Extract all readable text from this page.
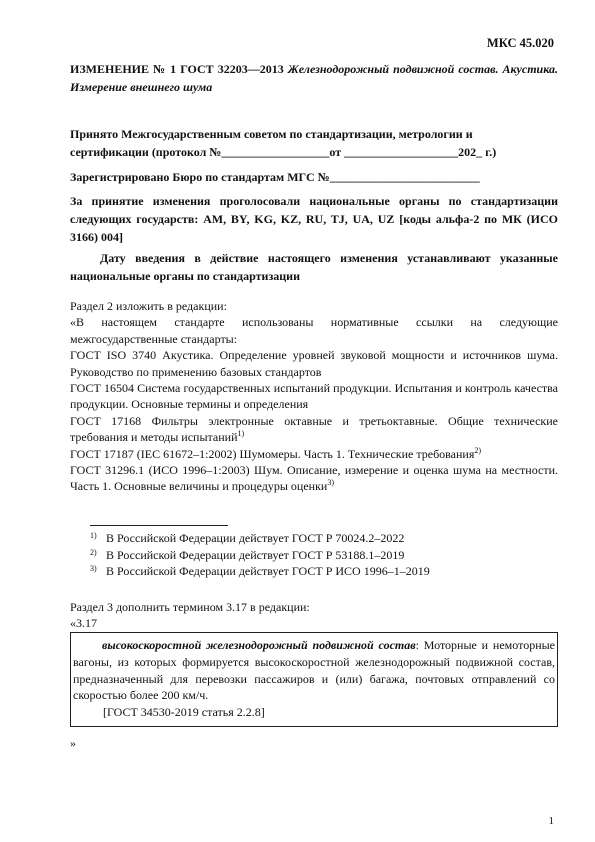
МКС 45.020

ИЗМЕНЕНИЕ № 1 ГОСТ 32203—2013 Железнодорожный подвижной состав. Акустика. Измерение внешнего шума

Принято Межгосударственным советом по стандартизации, метрологии и
сертификации (протокол №__________________от ___________________202_ г.)

Зарегистрировано Бюро по стандартам МГС №_________________________

За принятие изменения проголосовали национальные органы по стандартизации следующих государств: AM, BY, KG, KZ, RU, TJ, UA, UZ [коды альфа-2 по МК (ИСО 3166) 004]

Дату введения в действие настоящего изменения устанавливают указанные национальные органы по стандартизации

Раздел 2 изложить в редакции:

«В настоящем стандарте использованы нормативные ссылки на следующие межгосударственные стандарты:

ГОСТ ISO 3740 Акустика. Определение уровней звуковой мощности и источников шума. Руководство по применению базовых стандартов

ГОСТ 16504 Система государственных испытаний продукции. Испытания и контроль качества продукции. Основные термины и определения

ГОСТ 17168 Фильтры электронные октавные и третьоктавные. Общие технические требования и методы испытаний$^{1)}$

ГОСТ 17187 (IEC 61672–1:2002) Шумомеры. Часть 1. Технические требования$^{2)}$

ГОСТ 31296.1 (ИСО 1996–1:2003) Шум. Описание, измерение и оценка шума на местности. Часть 1. Основные величины и процедуры оценки$^{3)}$

1) В Российской Федерации действует ГОСТ Р 70024.2–2022
2) В Российской Федерации действует ГОСТ Р 53188.1–2019
3) В Российской Федерации действует ГОСТ Р ИСО 1996–1–2019

Раздел 3 дополнить термином 3.17 в редакции:

«3.17

высокоскоростной железнодорожный подвижной состав: Моторные и немоторные вагоны, из которых формируется высокоскоростной железнодорожный подвижной состав, предназначенный для перевозки пассажиров и (или) багажа, почтовых отправлений со скоростью более 200 км/ч.

[ГОСТ 34530-2019 статья 2.2.8]

»
1
